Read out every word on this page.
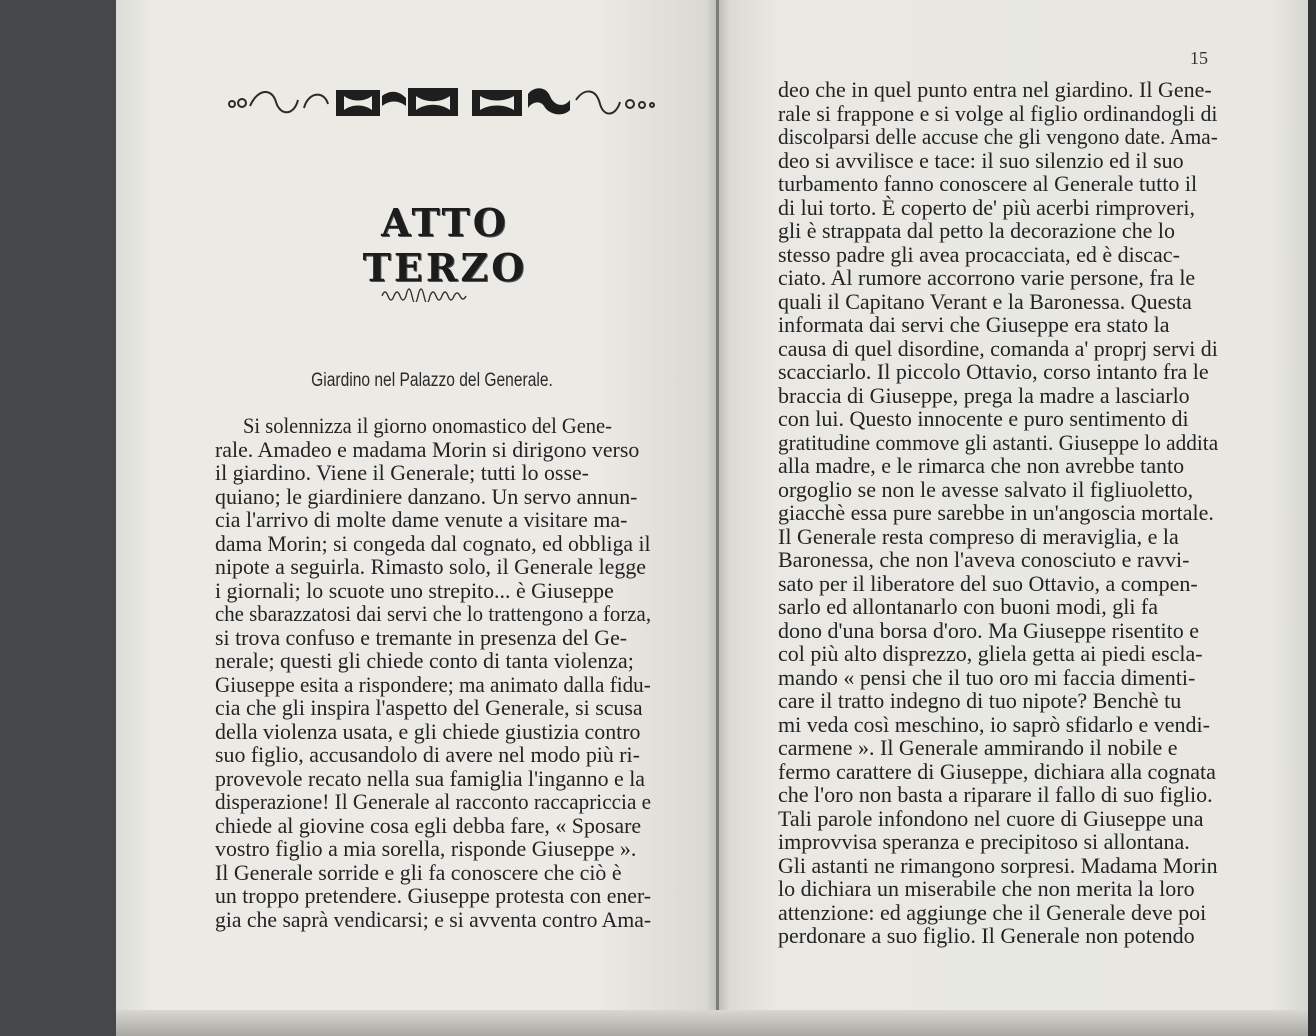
ATTO TERZO
Giardino nel Palazzo del Generale.
Si solennizza il giorno onomastico del Gene-
rale. Amadeo e madama Morin si dirigono verso
il giardino. Viene il Generale; tutti lo osse-
quiano; le giardiniere danzano. Un servo annun-
cia l'arrivo di molte dame venute a visitare ma-
dama Morin; si congeda dal cognato, ed obbliga il
nipote a seguirla. Rimasto solo, il Generale legge
i giornali; lo scuote uno strepito... è Giuseppe
che sbarazzatosi dai servi che lo trattengono a forza,
si trova confuso e tremante in presenza del Ge-
nerale; questi gli chiede conto di tanta violenza;
Giuseppe esita a rispondere; ma animato dalla fidu-
cia che gli inspira l'aspetto del Generale, si scusa
della violenza usata, e gli chiede giustizia contro
suo figlio, accusandolo di avere nel modo più ri-
provevole recato nella sua famiglia l'inganno e la
disperazione! Il Generale al racconto raccapriccia e
chiede al giovine cosa egli debba fare, « Sposare
vostro figlio a mia sorella, risponde Giuseppe ».
Il Generale sorride e gli fa conoscere che ciò è
un troppo pretendere. Giuseppe protesta con ener-
gia che saprà vendicarsi; e si avventa contro Ama-
15
deo che in quel punto entra nel giardino. Il Gene-
rale si frappone e si volge al figlio ordinandogli di
discolparsi delle accuse che gli vengono date. Ama-
deo si avvilisce e tace: il suo silenzio ed il suo
turbamento fanno conoscere al Generale tutto il
di lui torto. È coperto de' più acerbi rimproveri,
gli è strappata dal petto la decorazione che lo
stesso padre gli avea procacciata, ed è discac-
ciato. Al rumore accorrono varie persone, fra le
quali il Capitano Verant e la Baronessa. Questa
informata dai servi che Giuseppe era stato la
causa di quel disordine, comanda a' proprj servi di
scacciarlo. Il piccolo Ottavio, corso intanto fra le
braccia di Giuseppe, prega la madre a lasciarlo
con lui. Questo innocente e puro sentimento di
gratitudine commove gli astanti. Giuseppe lo addita
alla madre, e le rimarca che non avrebbe tanto
orgoglio se non le avesse salvato il figliuoletto,
giacchè essa pure sarebbe in un'angoscia mortale.
Il Generale resta compreso di meraviglia, e la
Baronessa, che non l'aveva conosciuto e ravvi-
sato per il liberatore del suo Ottavio, a compen-
sarlo ed allontanarlo con buoni modi, gli fa
dono d'una borsa d'oro. Ma Giuseppe risentito e
col più alto disprezzo, gliela getta ai piedi escla-
mando « pensi che il tuo oro mi faccia dimenti-
care il tratto indegno di tuo nipote? Benchè tu
mi veda così meschino, io saprò sfidarlo e vendi-
carmene ». Il Generale ammirando il nobile e
fermo carattere di Giuseppe, dichiara alla cognata
che l'oro non basta a riparare il fallo di suo figlio.
Tali parole infondono nel cuore di Giuseppe una
improvvisa speranza e precipitoso si allontana.
Gli astanti ne rimangono sorpresi. Madama Morin
lo dichiara un miserabile che non merita la loro
attenzione: ed aggiunge che il Generale deve poi
perdonare a suo figlio. Il Generale non potendo
